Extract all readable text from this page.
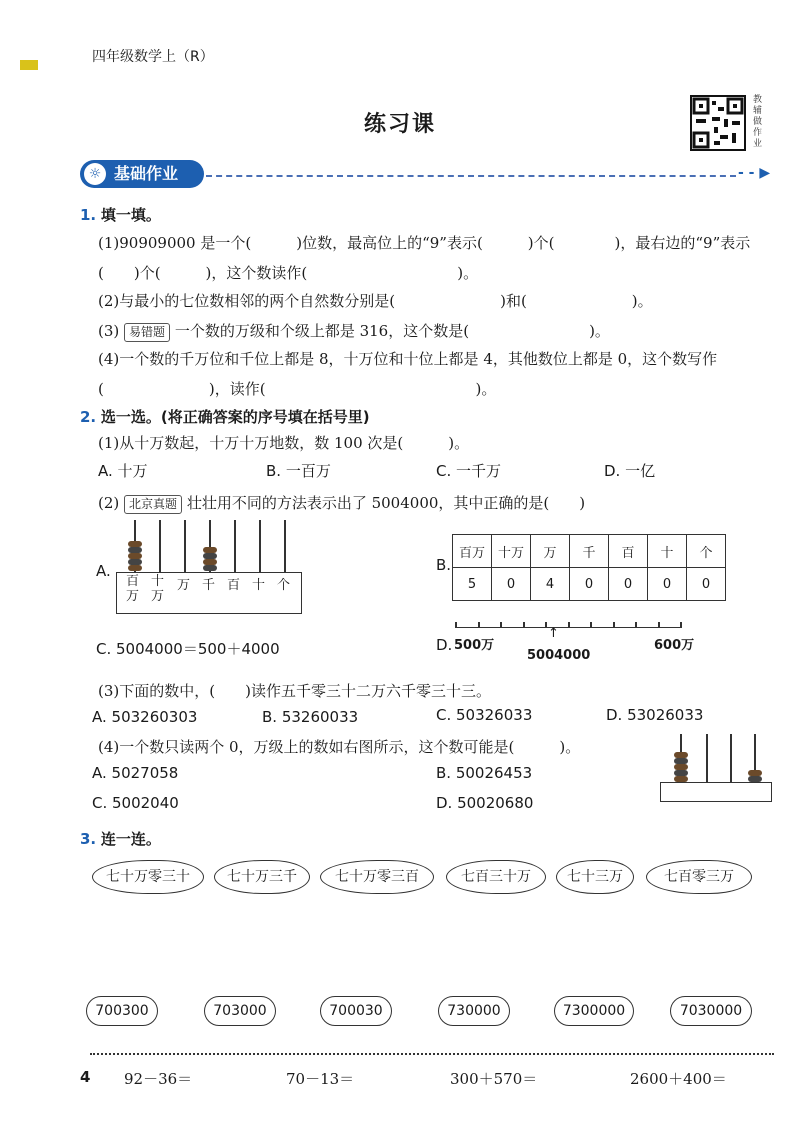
四年级数学上（R）
练习课
教辅做作业
基础作业
☼	- - ▶
1. 填一填。
(1)90909000 是一个(　　　)位数，最高位上的“9”表示(　　　)个(　　　　)，最右边的“9”表示
(　　)个(　　　)，这个数读作(　　　　　　　　　　)。
(2)与最小的七位数相邻的两个自然数分别是(　　　　　　　)和(　　　　　　　)。
(3) 易错题 一个数的万级和个级上都是 316，这个数是(　　　　　　　　)。
(4)一个数的千万位和千位上都是 8，十万位和十位上都是 4，其他数位上都是 0，这个数写作
(　　　　　　　)，读作(　　　　　　　　　　　　　　)。
2. 选一选。(将正确答案的序号填在括号里)
(1)从十万数起，十万十万地数，数 100 次是(　　　)。
A. 十万	B. 一百万	C. 一千万	D. 一亿
(2) 北京真题 壮壮用不同的方法表示出了 5004000，其中正确的是(　　)
A.
百万
十万
万 千 百 十 个
B.
百万	十万	万	千	百	十	个
5	0	4	0	0	0	0
C. 5004000＝500＋4000	D. 500万	600万
↑
5004000
(3)下面的数中，(　　)读作五千零三十二万六千零三十三。
A. 503260303	B. 53260033	C. 50326033	D. 53026033
(4)一个数只读两个 0，万级上的数如右图所示，这个数可能是(　　　)。
A. 5027058	B. 50026453
C. 5002040	D. 50020680
3. 连一连。
七十万零三十	七十万三千	七十万零三百	七百三十万	七十三万	七百零三万
700300	703000	700030	730000	7300000	7030000
4 92－36＝	70－13＝	300＋570＝	2600＋400＝
